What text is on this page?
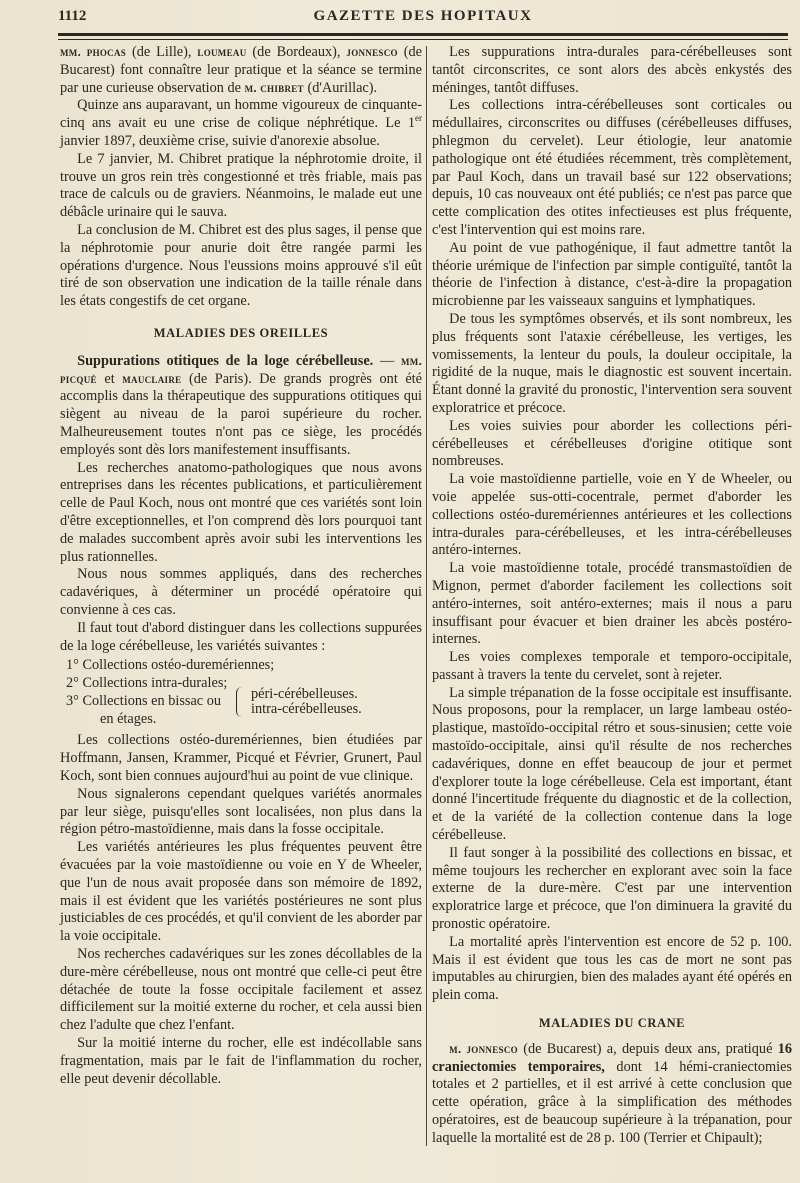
1112	GAZETTE DES HOPITAUX

mm. phocas (de Lille), loumeau (de Bordeaux), jonnesco (de Bucarest) font connaître leur pratique et la séance se termine par une curieuse observation de m. chibret (d'Aurillac).

Quinze ans auparavant, un homme vigoureux de cinquante-cinq ans avait eu une crise de colique néphrétique. Le 1er janvier 1897, deuxième crise, suivie d'anorexie absolue.

Le 7 janvier, M. Chibret pratique la néphrotomie droite, il trouve un gros rein très congestionné et très friable, mais pas trace de calculs ou de graviers. Néanmoins, le malade eut une débâcle urinaire qui le sauva.

La conclusion de M. Chibret est des plus sages, il pense que la néphrotomie pour anurie doit être rangée parmi les opérations d'urgence. Nous l'eussions moins approuvé s'il eût tiré de son observation une indication de la taille rénale dans les états congestifs de cet organe.

MALADIES DES OREILLES

Suppurations otitiques de la loge cérébelleuse. — mm. picqué et mauclaire (de Paris). De grands progrès ont été accomplis dans la thérapeutique des suppurations otitiques qui siègent au niveau de la paroi supérieure du rocher. Malheureusement toutes n'ont pas ce siège, les procédés employés sont dès lors manifestement insuffisants.

Les recherches anatomo-pathologiques que nous avons entreprises dans les récentes publications, et particulièrement celle de Paul Koch, nous ont montré que ces variétés sont loin d'être exceptionnelles, et l'on comprend dès lors pourquoi tant de malades succombent après avoir subi les interventions les plus rationnelles.

Nous nous sommes appliqués, dans des recherches cadavériques, à déterminer un procédé opératoire qui convienne à ces cas.

Il faut tout d'abord distinguer dans les collections suppurées de la loge cérébelleuse, les variétés suivantes :

1° Collections ostéo-duremériennes;
2° Collections intra-durales;
3° Collections en bissac ou
en étages.
péri-cérébelleuses.
intra-cérébelleuses.

Les collections ostéo-duremériennes, bien étudiées par Hoffmann, Jansen, Krammer, Picqué et Février, Grunert, Paul Koch, sont bien connues aujourd'hui au point de vue clinique.

Nous signalerons cependant quelques variétés anormales par leur siège, puisqu'elles sont localisées, non plus dans la région pétro-mastoïdienne, mais dans la fosse occipitale.

Les variétés antérieures les plus fréquentes peuvent être évacuées par la voie mastoïdienne ou voie en Y de Wheeler, que l'un de nous avait proposée dans son mémoire de 1892, mais il est évident que les variétés postérieures ne sont plus justiciables de ces procédés, et qu'il convient de les aborder par la voie occipitale.

Nos recherches cadavériques sur les zones décollables de la dure-mère cérébelleuse, nous ont montré que celle-ci peut être détachée de toute la fosse occipitale facilement et assez difficilement sur la moitié externe du rocher, et cela aussi bien chez l'adulte que chez l'enfant.

Sur la moitié interne du rocher, elle est indécollable sans fragmentation, mais par le fait de l'inflammation du rocher, elle peut devenir décollable.

Les suppurations intra-durales para-cérébelleuses sont tantôt circonscrites, ce sont alors des abcès enkystés des méninges, tantôt diffuses.

Les collections intra-cérébelleuses sont corticales ou médullaires, circonscrites ou diffuses (cérébelleuses diffuses, phlegmon du cervelet). Leur étiologie, leur anatomie pathologique ont été étudiées récemment, très complètement, par Paul Koch, dans un travail basé sur 122 observations; depuis, 10 cas nouveaux ont été publiés; ce n'est pas parce que cette complication des otites infectieuses est plus fréquente, c'est l'intervention qui est moins rare.

Au point de vue pathogénique, il faut admettre tantôt la théorie urémique de l'infection par simple contiguïté, tantôt la théorie de l'infection à distance, c'est-à-dire la propagation microbienne par les vaisseaux sanguins et lymphatiques.

De tous les symptômes observés, et ils sont nombreux, les plus fréquents sont l'ataxie cérébelleuse, les vertiges, les vomissements, la lenteur du pouls, la douleur occipitale, la rigidité de la nuque, mais le diagnostic est souvent incertain. Étant donné la gravité du pronostic, l'intervention sera souvent exploratrice et précoce.

Les voies suivies pour aborder les collections péri-cérébelleuses et cérébelleuses d'origine otitique sont nombreuses.

La voie mastoïdienne partielle, voie en Y de Wheeler, ou voie appelée sus-otti-cocentrale, permet d'aborder les collections ostéo-duremériennes antérieures et les collections intra-durales para-cérébelleuses, et les intra-cérébelleuses antéro-internes.

La voie mastoïdienne totale, procédé transmastoïdien de Mignon, permet d'aborder facilement les collections soit antéro-internes, soit antéro-externes; mais il nous a paru insuffisant pour évacuer et bien drainer les abcès postéro-internes.

Les voies complexes temporale et temporo-occipitale, passant à travers la tente du cervelet, sont à rejeter.

La simple trépanation de la fosse occipitale est insuffisante. Nous proposons, pour la remplacer, un large lambeau ostéo-plastique, mastoïdo-occipital rétro et sous-sinusien; cette voie mastoïdo-occipitale, ainsi qu'il résulte de nos recherches cadavériques, donne en effet beaucoup de jour et permet d'explorer toute la loge cérébelleuse. Cela est important, étant donné l'incertitude fréquente du diagnostic et de la collection, et de la variété de la collection contenue dans la loge cérébelleuse.

Il faut songer à la possibilité des collections en bissac, et même toujours les rechercher en explorant avec soin la face externe de la dure-mère. C'est par une intervention exploratrice large et précoce, que l'on diminuera la gravité du pronostic opératoire.

La mortalité après l'intervention est encore de 52 p. 100. Mais il est évident que tous les cas de mort ne sont pas imputables au chirurgien, bien des malades ayant été opérés en plein coma.

MALADIES DU CRANE

m. jonnesco (de Bucarest) a, depuis deux ans, pratiqué 16 craniectomies temporaires, dont 14 hémi-craniectomies totales et 2 partielles, et il est arrivé à cette conclusion que cette opération, grâce à la simplification des méthodes opératoires, est de beaucoup supérieure à la trépanation, pour laquelle la mortalité est de 28 p. 100 (Terrier et Chipault);
